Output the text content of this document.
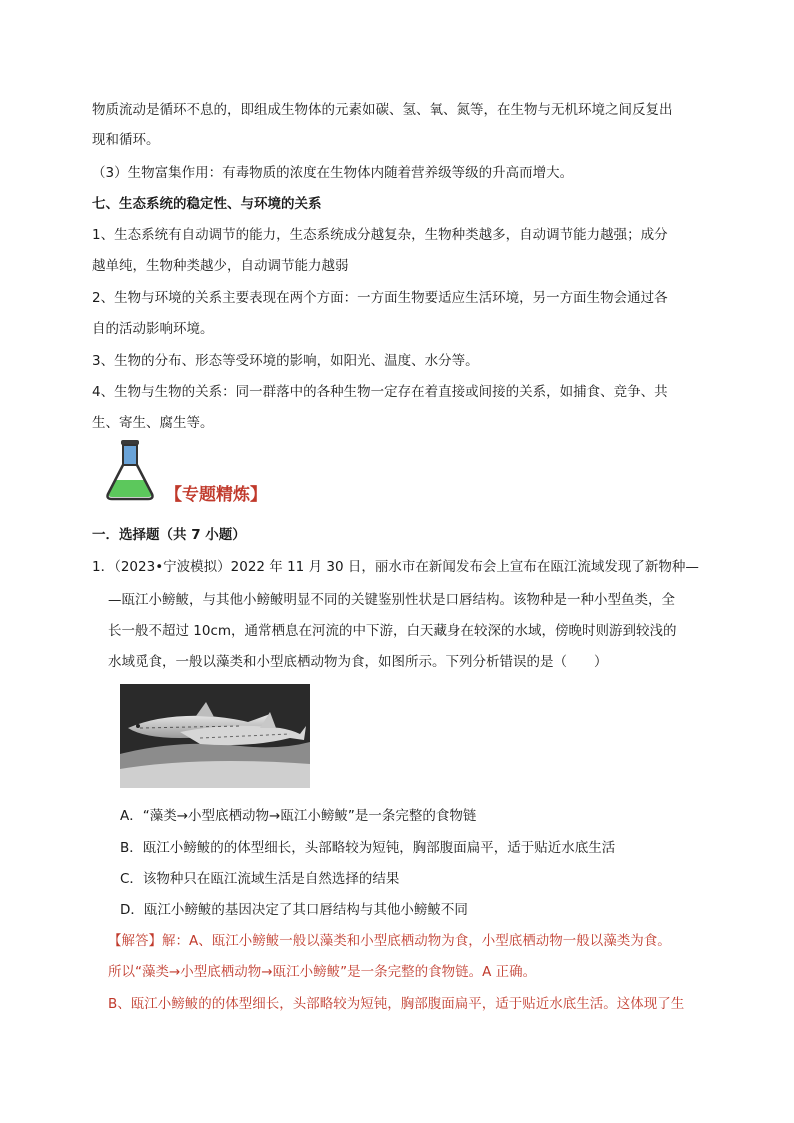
物质流动是循环不息的，即组成生物体的元素如碳、氢、氧、氮等，在生物与无机环境之间反复出
现和循环。
（3）生物富集作用：有毒物质的浓度在生物体内随着营养级等级的升高而增大。
七、生态系统的稳定性、与环境的关系
1、生态系统有自动调节的能力，生态系统成分越复杂，生物种类越多，自动调节能力越强；成分
越单纯，生物种类越少，自动调节能力越弱
2、生物与环境的关系主要表现在两个方面：一方面生物要适应生活环境，另一方面生物会通过各
自的活动影响环境。
3、生物的分布、形态等受环境的影响，如阳光、温度、水分等。
4、生物与生物的关系：同一群落中的各种生物一定存在着直接或间接的关系，如捕食、竞争、共
生、寄生、腐生等。
【专题精炼】
一．选择题（共 7 小题）
1．（2023•宁波模拟）2022 年 11 月 30 日，丽水市在新闻发布会上宣布在瓯江流域发现了新物种—
—瓯江小鳑鲏，与其他小鳑鲏明显不同的关键鉴别性状是口唇结构。该物种是一种小型鱼类，全
长一般不超过 10cm，通常栖息在河流的中下游，白天藏身在较深的水域，傍晚时则游到较浅的
水域觅食，一般以藻类和小型底栖动物为食，如图所示。下列分析错误的是（　　）
A．“藻类→小型底栖动物→瓯江小鳑鲏”是一条完整的食物链
B．瓯江小鳑鲏的的体型细长，头部略较为短钝，胸部腹面扁平，适于贴近水底生活
C．该物种只在瓯江流域生活是自然选择的结果
D．瓯江小鳑鲏的基因决定了其口唇结构与其他小鳑鲏不同
【解答】解：A、瓯江小鳑鲏一般以藻类和小型底栖动物为食，小型底栖动物一般以藻类为食。
所以“藻类→小型底栖动物→瓯江小鳑鲏”是一条完整的食物链。A 正确。
B、瓯江小鳑鲏的的体型细长，头部略较为短钝，胸部腹面扁平，适于贴近水底生活。这体现了生
